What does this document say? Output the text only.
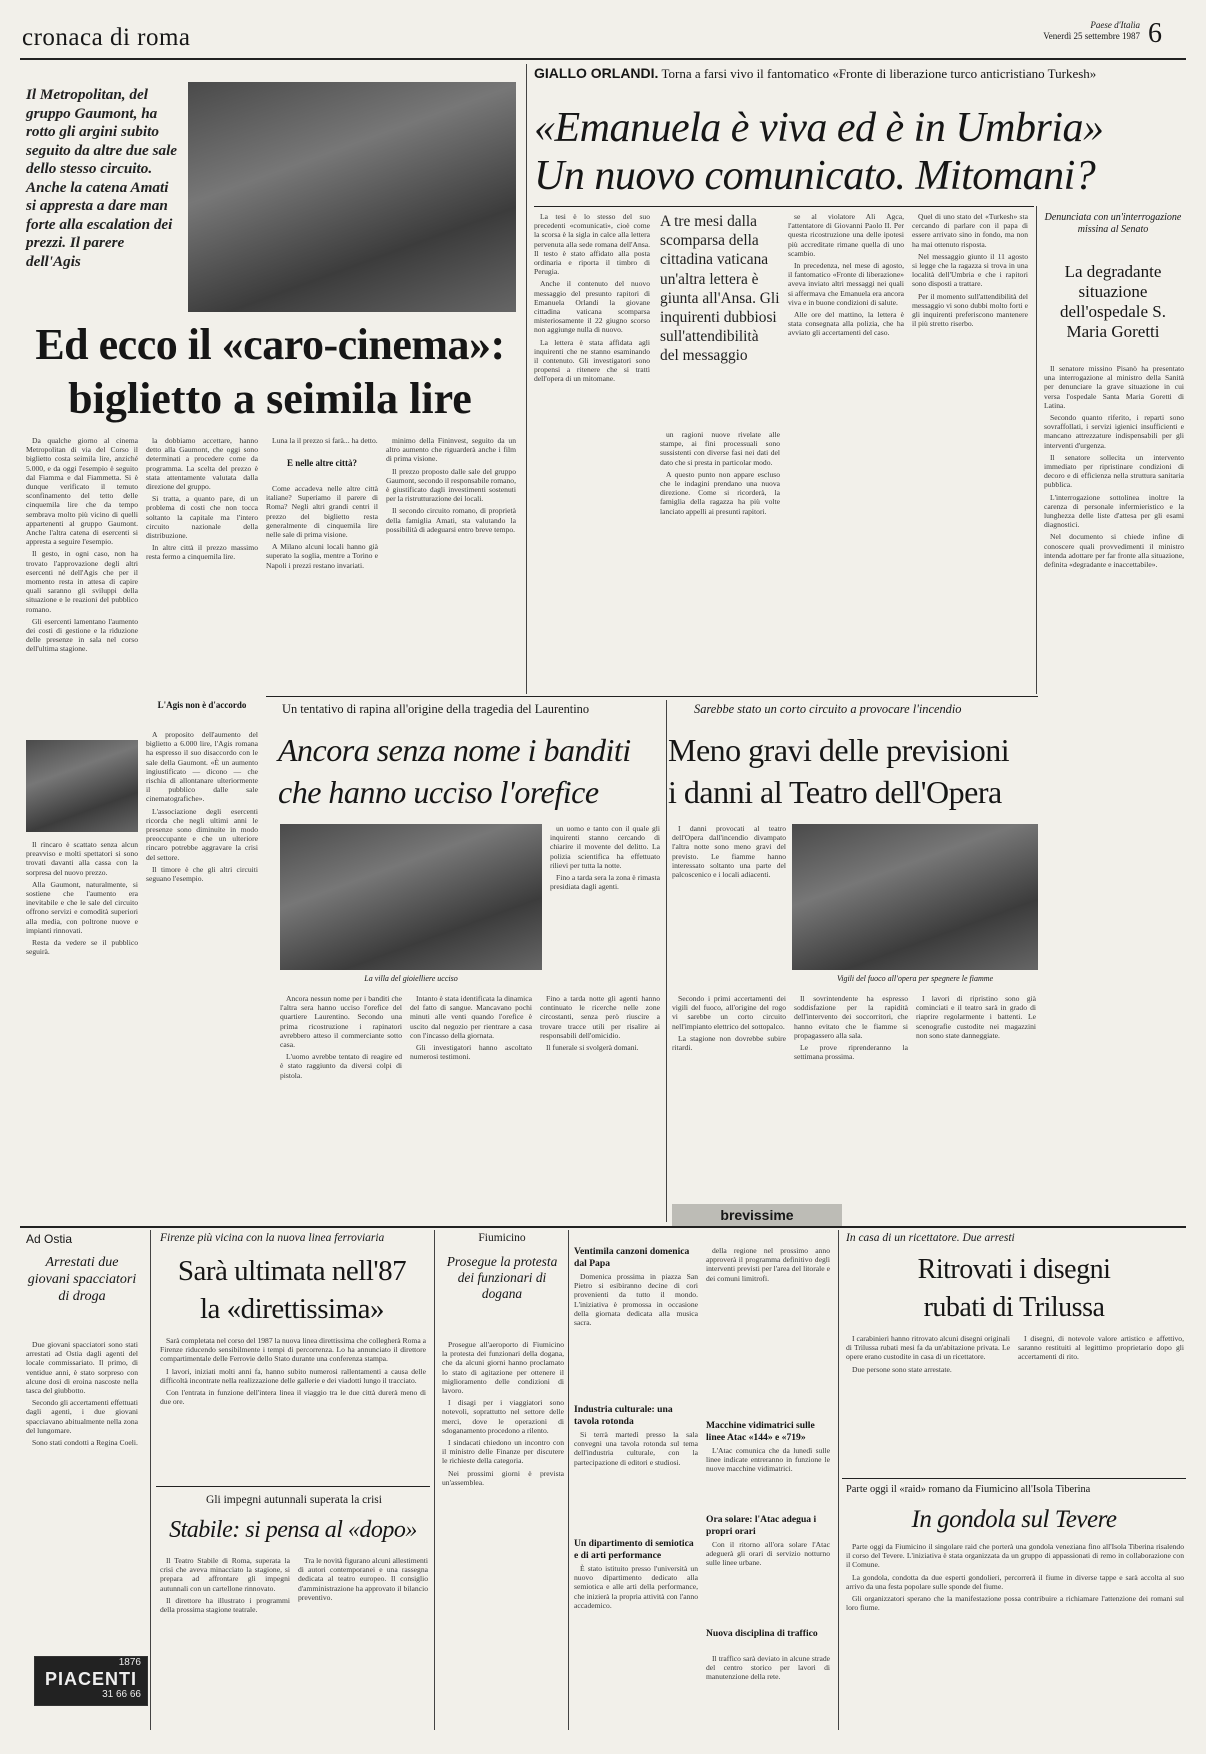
cronaca di roma	Paese d'Italia
Venerdì 25 settembre 1987 6
Il Metropolitan, del gruppo Gaumont, ha rotto gli argini subito seguito da altre due sale dello stesso circuito. Anche la catena Amati si appresta a dare man forte alla escalation dei prezzi. Il parere dell'Agis
Ed ecco il «caro-cinema»:
biglietto a seimila lire

Da qualche giorno al cinema Metropolitan di via del Corso il biglietto costa seimila lire, anziché 5.000, e da oggi l'esempio è seguito dal Fiamma e dal Fiammetta. Si è dunque verificato il temuto sconfinamento del tetto delle cinquemila lire che da tempo sembrava molto più vicino di quelli appartenenti al gruppo Gaumont. Anche l'altra catena di esercenti si appresta a seguire l'esempio.

Il gesto, in ogni caso, non ha trovato l'approvazione degli altri esercenti né dell'Agis che per il momento resta in attesa di capire quali saranno gli sviluppi della situazione e le reazioni del pubblico romano.

Gli esercenti lamentano l'aumento dei costi di gestione e la riduzione delle presenze in sala nel corso dell'ultima stagione.

Il rincaro è scattato senza alcun preavviso e molti spettatori si sono trovati davanti alla cassa con la sorpresa del nuovo prezzo.

Alla Gaumont, naturalmente, si sostiene che l'aumento era inevitabile e che le sale del circuito offrono servizi e comodità superiori alla media, con poltrone nuove e impianti rinnovati.

Resta da vedere se il pubblico seguirà.

la dobbiamo accettare, hanno detto alla Gaumont, che oggi sono determinati a procedere come da programma. La scelta del prezzo è stata attentamente valutata dalla direzione del gruppo.

Si tratta, a quanto pare, di un problema di costi che non tocca soltanto la capitale ma l'intero circuito nazionale della distribuzione.

In altre città il prezzo massimo resta fermo a cinquemila lire.

L'Agis non è d'accordo

A proposito dell'aumento del biglietto a 6.000 lire, l'Agis romana ha espresso il suo disaccordo con le sale della Gaumont. «È un aumento ingiustificato — dicono — che rischia di allontanare ulteriormente il pubblico dalle sale cinematografiche».

L'associazione degli esercenti ricorda che negli ultimi anni le presenze sono diminuite in modo preoccupante e che un ulteriore rincaro potrebbe aggravare la crisi del settore.

Il timore è che gli altri circuiti seguano l'esempio.

E nelle altre città?

Luna la il prezzo si farà... ha detto.

Come accadeva nelle altre città italiane? Superiamo il parere di Roma? Negli altri grandi centri il prezzo del biglietto resta generalmente di cinquemila lire nelle sale di prima visione.

A Milano alcuni locali hanno già superato la soglia, mentre a Torino e Napoli i prezzi restano invariati.

minimo della Fininvest, seguito da un altro aumento che riguarderà anche i film di prima visione.

Il prezzo proposto dalle sale del gruppo Gaumont, secondo il responsabile romano, è giustificato dagli investimenti sostenuti per la ristrutturazione dei locali.

Il secondo circuito romano, di proprietà della famiglia Amati, sta valutando la possibilità di adeguarsi entro breve tempo.

GIALLO ORLANDI. Torna a farsi vivo il fantomatico «Fronte di liberazione turco anticristiano Turkesh»
«Emanuela è viva ed è in Umbria»
Un nuovo comunicato. Mitomani?

La tesi è lo stesso del suo precedenti «comunicati», cioè come la scorsa è la sigla in calce alla lettera pervenuta alla sede romana dell'Ansa. Il testo è stato affidato alla posta ordinaria e riporta il timbro di Perugia.

Anche il contenuto del nuovo messaggio del presunto rapitori di Emanuela Orlandi la giovane cittadina vaticana scomparsa misteriosamente il 22 giugno scorso non aggiunge nulla di nuovo.

La lettera è stata affidata agli inquirenti che ne stanno esaminando il contenuto. Gli investigatori sono propensi a ritenere che si tratti dell'opera di un mitomane.

A tre mesi dalla scomparsa della cittadina vaticana un'altra lettera è giunta all'Ansa. Gli inquirenti dubbiosi sull'attendibilità del messaggio

un ragioni nuove rivelate alle stampe, ai fini processuali sono sussistenti con diverse fasi nei dati del dato che si presta in particolar modo.

A questo punto non appare escluso che le indagini prendano una nuova direzione. Come si ricorderà, la famiglia della ragazza ha più volte lanciato appelli ai presunti rapitori.

se al violatore Ali Agca, l'attentatore di Giovanni Paolo II. Per questa ricostruzione una delle ipotesi più accreditate rimane quella di uno scambio.

In precedenza, nel mese di agosto, il fantomatico «Fronte di liberazione» aveva inviato altri messaggi nei quali si affermava che Emanuela era ancora viva e in buone condizioni di salute.

Alle ore del mattino, la lettera è stata consegnata alla polizia, che ha avviato gli accertamenti del caso.

Quel di uno stato del «Turkesh» sta cercando di parlare con il papa di essere arrivato sino in fondo, ma non ha mai ottenuto risposta.

Nel messaggio giunto il 11 agosto si legge che la ragazza si trova in una località dell'Umbria e che i rapitori sono disposti a trattare.

Per il momento sull'attendibilità del messaggio vi sono dubbi molto forti e gli inquirenti preferiscono mantenere il più stretto riserbo.

Denunciata con un'interrogazione missina al Senato
La degradante situazione dell'ospedale S. Maria Goretti

Il senatore missino Pisanò ha presentato una interrogazione al ministro della Sanità per denunciare la grave situazione in cui versa l'ospedale Santa Maria Goretti di Latina.

Secondo quanto riferito, i reparti sono sovraffollati, i servizi igienici insufficienti e mancano attrezzature indispensabili per gli interventi d'urgenza.

Il senatore sollecita un intervento immediato per ripristinare condizioni di decoro e di efficienza nella struttura sanitaria pubblica.

L'interrogazione sottolinea inoltre la carenza di personale infermieristico e la lunghezza delle liste d'attesa per gli esami diagnostici.

Nel documento si chiede infine di conoscere quali provvedimenti il ministro intenda adottare per far fronte alla situazione, definita «degradante e inaccettabile».

Un tentativo di rapina all'origine della tragedia del Laurentino
Ancora senza nome i banditi
che hanno ucciso l'orefice
La villa del gioielliere ucciso

un uomo e tanto con il quale gli inquirenti stanno cercando di chiarire il movente del delitto. La polizia scientifica ha effettuato rilievi per tutta la notte.

Fino a tarda sera la zona è rimasta presidiata dagli agenti.

Ancora nessun nome per i banditi che l'altra sera hanno ucciso l'orefice del quartiere Laurentino. Secondo una prima ricostruzione i rapinatori avrebbero atteso il commerciante sotto casa.

L'uomo avrebbe tentato di reagire ed è stato raggiunto da diversi colpi di pistola.

Intanto è stata identificata la dinamica del fatto di sangue. Mancavano pochi minuti alle venti quando l'orefice è uscito dal negozio per rientrare a casa con l'incasso della giornata.

Gli investigatori hanno ascoltato numerosi testimoni.

Fino a tarda notte gli agenti hanno continuato le ricerche nelle zone circostanti, senza però riuscire a trovare tracce utili per risalire ai responsabili dell'omicidio.

Il funerale si svolgerà domani.

Sarebbe stato un corto circuito a provocare l'incendio
Meno gravi delle previsioni
i danni al Teatro dell'Opera

I danni provocati al teatro dell'Opera dall'incendio divampato l'altra notte sono meno gravi del previsto. Le fiamme hanno interessato soltanto una parte del palcoscenico e i locali adiacenti.

Vigili del fuoco all'opera per spegnere le fiamme

Secondo i primi accertamenti dei vigili del fuoco, all'origine del rogo vi sarebbe un corto circuito nell'impianto elettrico del sottopalco.

La stagione non dovrebbe subire ritardi.

Il sovrintendente ha espresso soddisfazione per la rapidità dell'intervento dei soccorritori, che hanno evitato che le fiamme si propagassero alla sala.

Le prove riprenderanno la settimana prossima.

I lavori di ripristino sono già cominciati e il teatro sarà in grado di riaprire regolarmente i battenti. Le scenografie custodite nei magazzini non sono state danneggiate.

Ad Ostia
Arrestati due giovani spacciatori di droga

Due giovani spacciatori sono stati arrestati ad Ostia dagli agenti del locale commissariato. Il primo, di ventidue anni, è stato sorpreso con alcune dosi di eroina nascoste nella tasca del giubbotto.

Secondo gli accertamenti effettuati dagli agenti, i due giovani spacciavano abitualmente nella zona del lungomare.

Sono stati condotti a Regina Coeli.

1876
PIACENTI
31 66 66
Firenze più vicina con la nuova linea ferroviaria
Sarà ultimata nell'87
la «direttissima»

Sarà completata nel corso del 1987 la nuova linea direttissima che collegherà Roma a Firenze riducendo sensibilmente i tempi di percorrenza. Lo ha annunciato il direttore compartimentale delle Ferrovie dello Stato durante una conferenza stampa.

I lavori, iniziati molti anni fa, hanno subito numerosi rallentamenti a causa delle difficoltà incontrate nella realizzazione delle gallerie e dei viadotti lungo il tracciato.

Con l'entrata in funzione dell'intera linea il viaggio tra le due città durerà meno di due ore.

Gli impegni autunnali superata la crisi
Stabile: si pensa al «dopo»

Il Teatro Stabile di Roma, superata la crisi che aveva minacciato la stagione, si prepara ad affrontare gli impegni autunnali con un cartellone rinnovato.

Il direttore ha illustrato i programmi della prossima stagione teatrale.

Tra le novità figurano alcuni allestimenti di autori contemporanei e una rassegna dedicata al teatro europeo. Il consiglio d'amministrazione ha approvato il bilancio preventivo.

Fiumicino
Prosegue la protesta dei funzionari di dogana

Prosegue all'aeroporto di Fiumicino la protesta dei funzionari della dogana, che da alcuni giorni hanno proclamato lo stato di agitazione per ottenere il miglioramento delle condizioni di lavoro.

I disagi per i viaggiatori sono notevoli, soprattutto nel settore delle merci, dove le operazioni di sdoganamento procedono a rilento.

I sindacati chiedono un incontro con il ministro delle Finanze per discutere le richieste della categoria.

Nei prossimi giorni è prevista un'assemblea.

brevissime
Ventimila canzoni domenica dal Papa

Domenica prossima in piazza San Pietro si esibiranno decine di cori provenienti da tutto il mondo. L'iniziativa è promossa in occasione della giornata dedicata alla musica sacra.

Industria culturale: una tavola rotonda

Si terrà martedì presso la sala convegni una tavola rotonda sul tema dell'industria culturale, con la partecipazione di editori e studiosi.

Un dipartimento di semiotica e di arti performance

È stato istituito presso l'università un nuovo dipartimento dedicato alla semiotica e alle arti della performance, che inizierà la propria attività con l'anno accademico.

della regione nel prossimo anno approverà il programma definitivo degli interventi previsti per l'area del litorale e dei comuni limitrofi.

Macchine vidimatrici sulle linee Atac «144» e «719»

L'Atac comunica che da lunedì sulle linee indicate entreranno in funzione le nuove macchine vidimatrici.

Ora solare: l'Atac adegua i propri orari

Con il ritorno all'ora solare l'Atac adeguerà gli orari di servizio notturno sulle linee urbane.

Nuova disciplina di traffico

Il traffico sarà deviato in alcune strade del centro storico per lavori di manutenzione della rete.

In casa di un ricettatore. Due arresti
Ritrovati i disegni
rubati di Trilussa

I carabinieri hanno ritrovato alcuni disegni originali di Trilussa rubati mesi fa da un'abitazione privata. Le opere erano custodite in casa di un ricettatore.

Due persone sono state arrestate.

I disegni, di notevole valore artistico e affettivo, saranno restituiti al legittimo proprietario dopo gli accertamenti di rito.

Parte oggi il «raid» romano da Fiumicino all'Isola Tiberina
In gondola sul Tevere

Parte oggi da Fiumicino il singolare raid che porterà una gondola veneziana fino all'Isola Tiberina risalendo il corso del Tevere. L'iniziativa è stata organizzata da un gruppo di appassionati di remo in collaborazione con il Comune.

La gondola, condotta da due esperti gondolieri, percorrerà il fiume in diverse tappe e sarà accolta al suo arrivo da una festa popolare sulle sponde del fiume.

Gli organizzatori sperano che la manifestazione possa contribuire a richiamare l'attenzione dei romani sul loro fiume.
